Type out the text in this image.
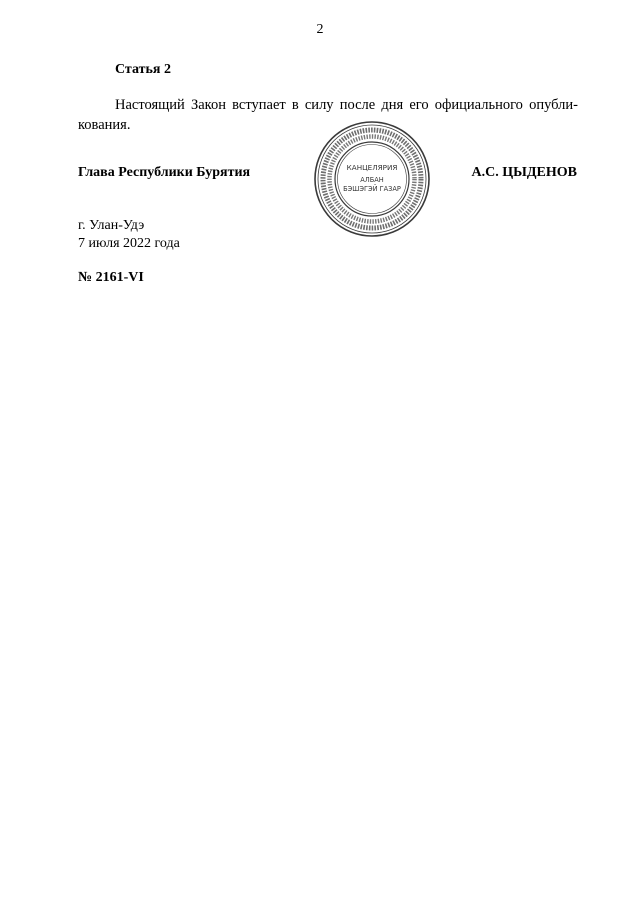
2
Статья 2

Настоящий Закон вступает в силу после дня его официального опубли-кования.

Глава Республики Бурятия	КАНЦЕЛЯРИЯ
АЛБАН
БЭШЭГЭЙ ГАЗАР
А.С. ЦЫДЕНОВ
г. Улан-Удэ
7 июля 2022 года
№ 2161-VI
